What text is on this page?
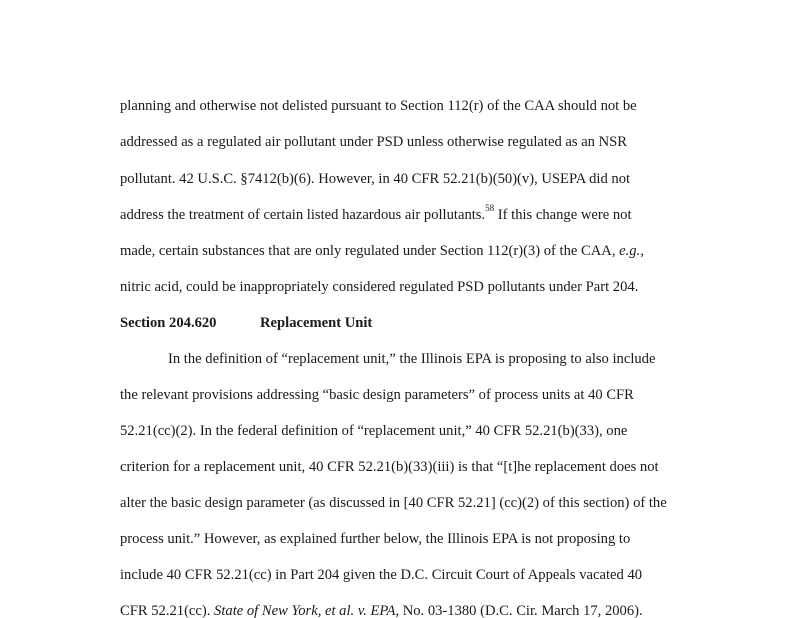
planning and otherwise not delisted pursuant to Section 112(r) of the CAA should not be
addressed as a regulated air pollutant under PSD unless otherwise regulated as an NSR
pollutant. 42 U.S.C. §7412(b)(6). However, in 40 CFR 52.21(b)(50)(v), USEPA did not
address the treatment of certain listed hazardous air pollutants.$^{58}$ If this change were not
made, certain substances that are only regulated under Section 112(r)(3) of the CAA, e.g.,
nitric acid, could be inappropriately considered regulated PSD pollutants under Part 204.
Section 204.620	Replacement Unit
In the definition of “replacement unit,” the Illinois EPA is proposing to also include
the relevant provisions addressing “basic design parameters” of process units at 40 CFR
52.21(cc)(2). In the federal definition of “replacement unit,” 40 CFR 52.21(b)(33), one
criterion for a replacement unit, 40 CFR 52.21(b)(33)(iii) is that “[t]he replacement does not
alter the basic design parameter (as discussed in [40 CFR 52.21] (cc)(2) of this section) of the
process unit.” However, as explained further below, the Illinois EPA is not proposing to
include 40 CFR 52.21(cc) in Part 204 given the D.C. Circuit Court of Appeals vacated 40
CFR 52.21(cc). State of New York, et al. v. EPA, No. 03-1380 (D.C. Cir. March 17, 2006).
